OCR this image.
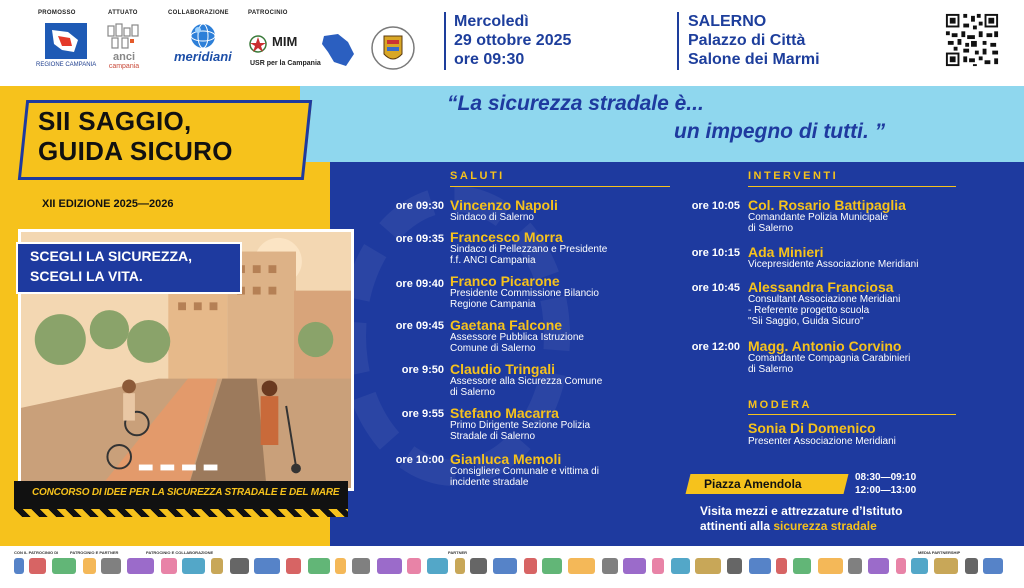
PROMOSSO	ATTUATO	COLLABORAZIONE	PATROCINIO
REGIONE CAMPANIA
anci
campania
meridiani
MIM
USR per la Campania
Mercoledì
29 ottobre 2025
ore 09:30
SALERNO
Palazzo di Città
Salone dei Marmi
“La sicurezza stradale è...
un impegno di tutti. ”
SII SAGGIO,
GUIDA SICURO
XII EDIZIONE 2025—2026
SCEGLI LA SICUREZZA,
SCEGLI LA VITA.
CONCORSO DI IDEE PER LA SICUREZZA STRADALE E DEL MARE
SALUTI
ore 09:30 Vincenzo Napoli
Sindaco di Salerno
ore 09:35 Francesco Morra
Sindaco di Pellezzano e Presidente
f.f. ANCI Campania
ore 09:40 Franco Picarone
Presidente Commissione Bilancio
Regione Campania
ore 09:45 Gaetana Falcone
Assessore Pubblica Istruzione
Comune di Salerno
ore 9:50 Claudio Tringali
Assessore alla Sicurezza Comune
di Salerno
ore 9:55 Stefano Macarra
Primo Dirigente Sezione Polizia
Stradale di Salerno
ore 10:00 Gianluca Memoli
Consigliere Comunale e vittima di
incidente stradale
INTERVENTI
ore 10:05 Col. Rosario Battipaglia
Comandante Polizia Municipale
di Salerno
ore 10:15 Ada Minieri
Vicepresidente Associazione Meridiani
ore 10:45 Alessandra Franciosa
Consultant Associazione Meridiani
- Referente progetto scuola
"Sii Saggio, Guida Sicuro"
ore 12:00 Magg. Antonio Corvino
Comandante Compagnia Carabinieri
di Salerno
MODERA
Sonia Di Domenico
Presenter Associazione Meridiani
Piazza Amendola	08:30—09:10
12:00—13:00
Visita mezzi e attrezzature d’Istituto
attinenti alla sicurezza stradale
CON IL PATROCINIO DI	PATROCINIO E PARTNER	PATROCINIO E COLLABORAZIONE	PARTNER	MEDIA PARTNERSHIP
